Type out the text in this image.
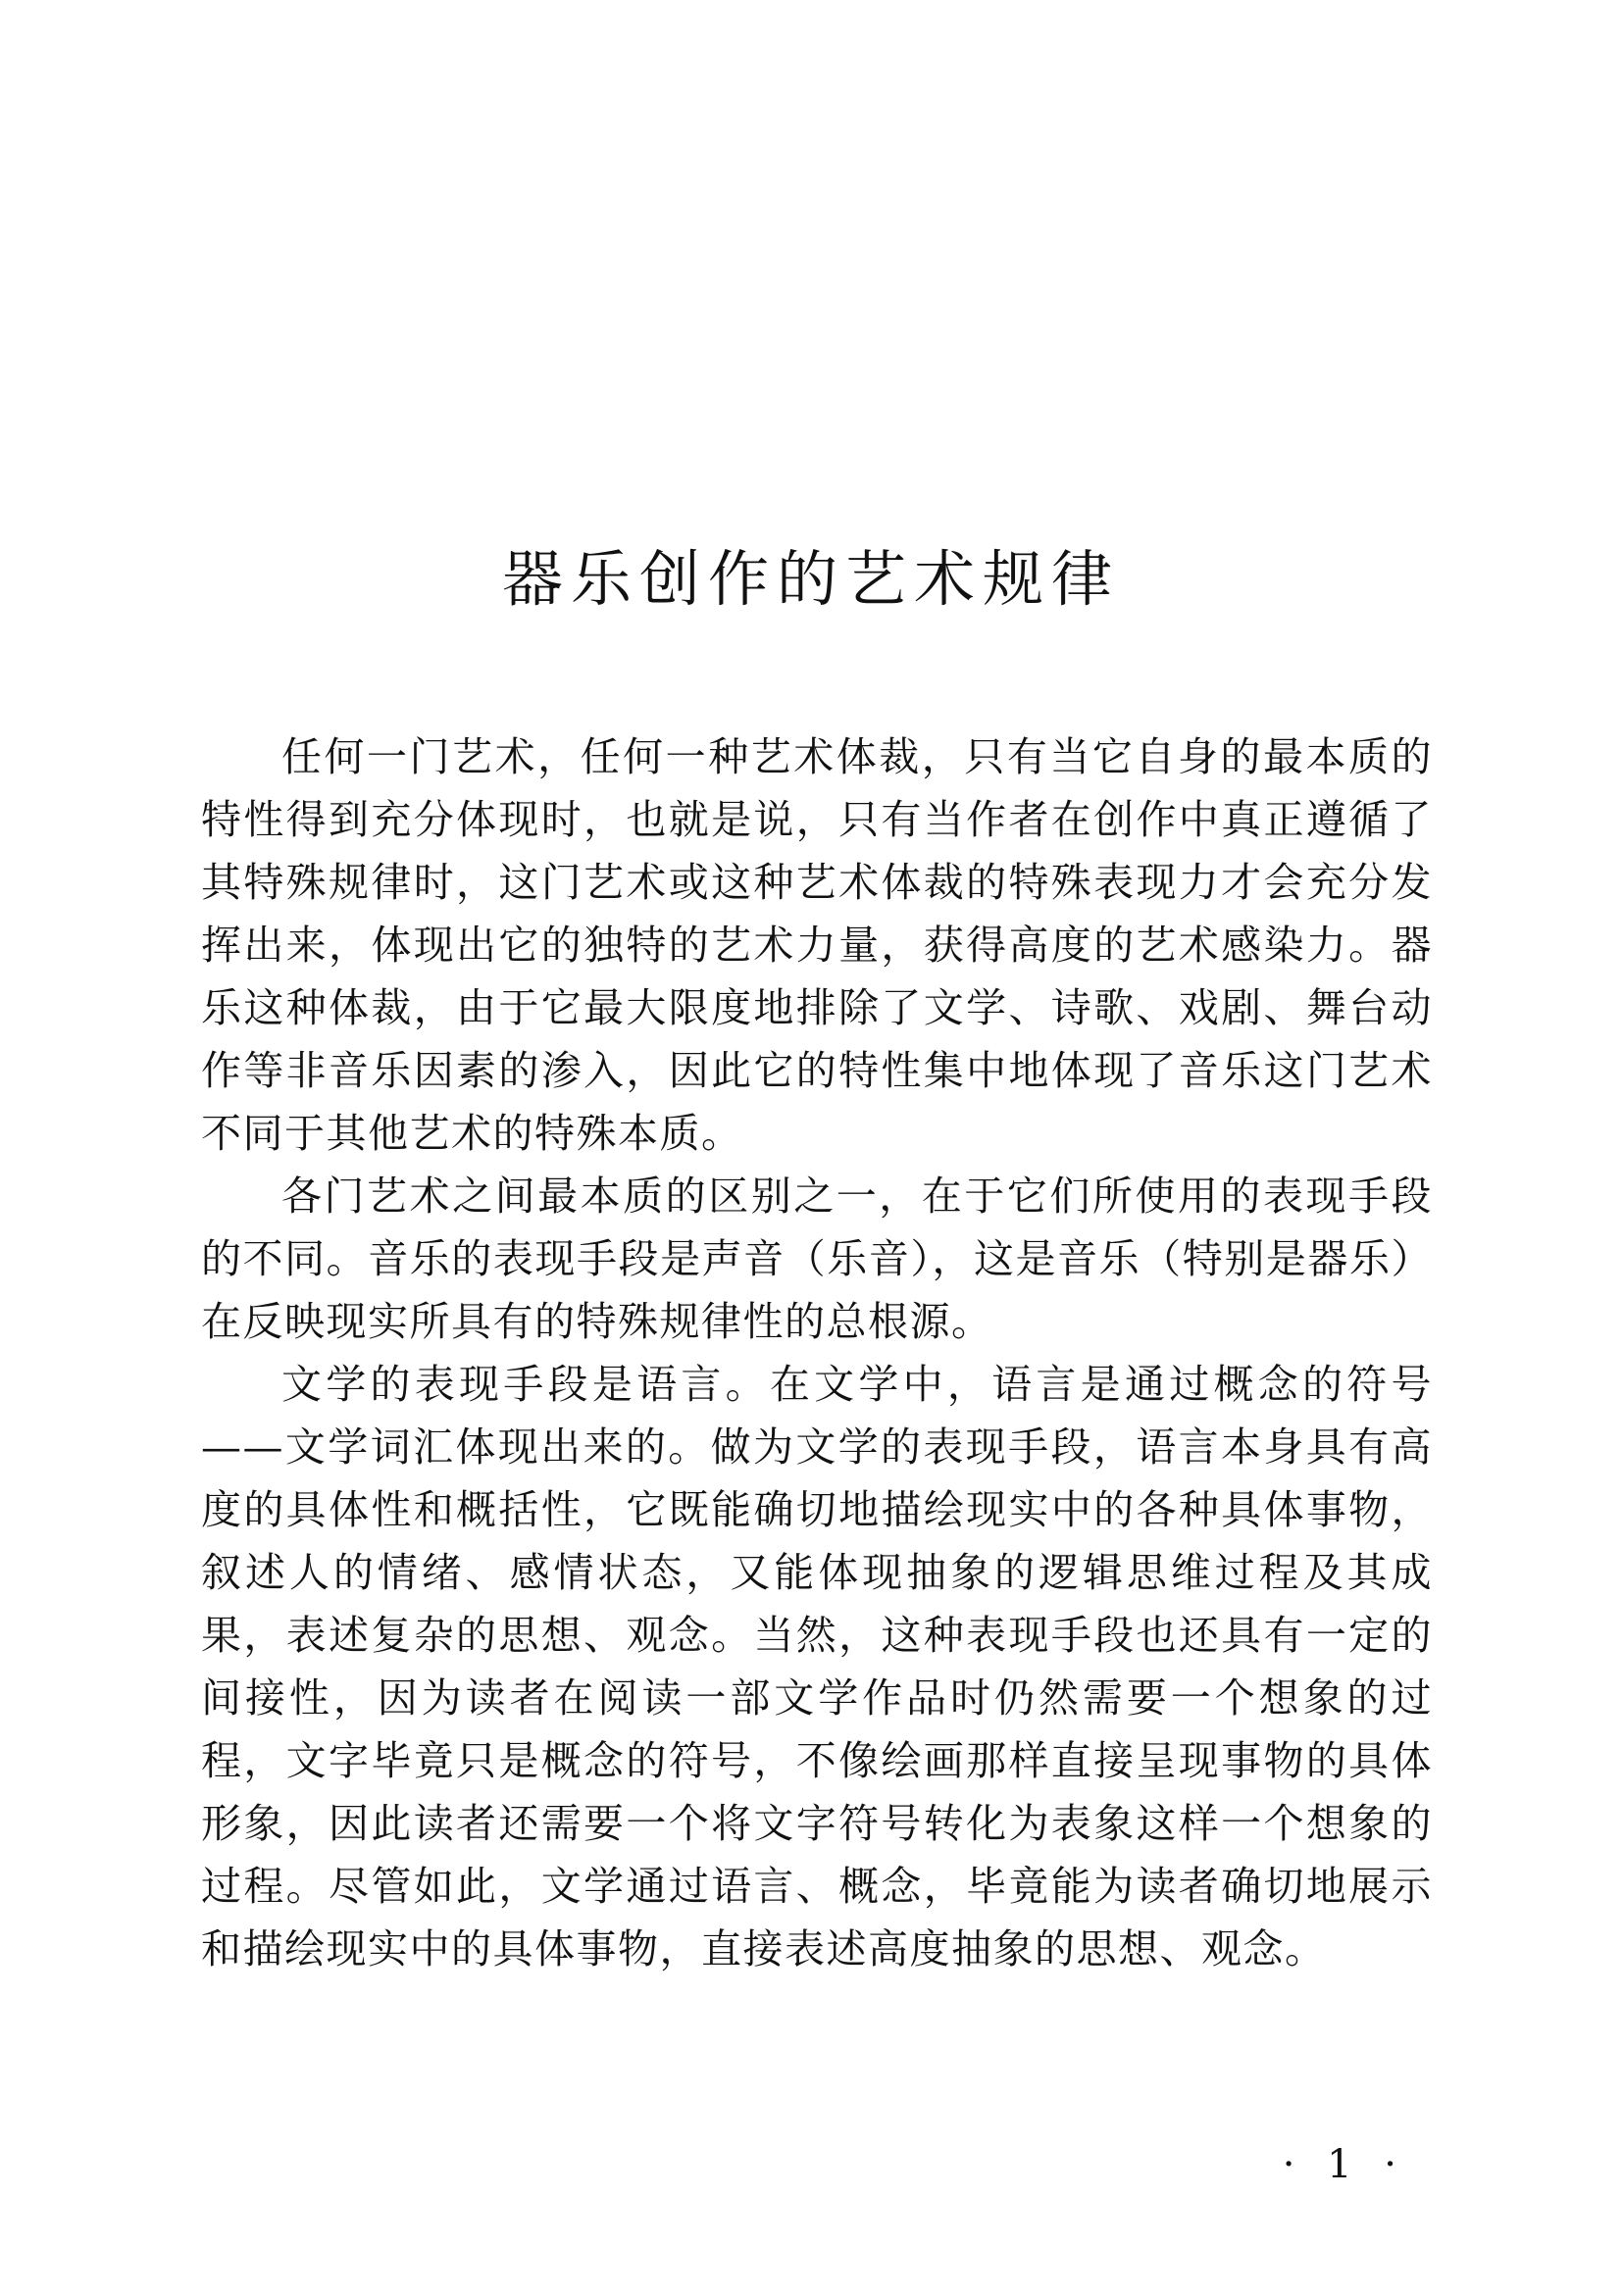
器乐创作的艺术规律

任何一门艺术，任何一种艺术体裁，只有当它自身的最本质的特性得到充分体现时，也就是说，只有当作者在创作中真正遵循了其特殊规律时，这门艺术或这种艺术体裁的特殊表现力才会充分发挥出来，体现出它的独特的艺术力量，获得高度的艺术感染力。器乐这种体裁，由于它最大限度地排除了文学、诗歌、戏剧、舞台动作等非音乐因素的渗入，因此它的特性集中地体现了音乐这门艺术不同于其他艺术的特殊本质。

各门艺术之间最本质的区别之一，在于它们所使用的表现手段的不同。音乐的表现手段是声音（乐音），这是音乐（特别是器乐）在反映现实所具有的特殊规律性的总根源。

文学的表现手段是语言。在文学中，语言是通过概念的符号——文学词汇体现出来的。做为文学的表现手段，语言本身具有高度的具体性和概括性，它既能确切地描绘现实中的各种具体事物，叙述人的情绪、感情状态，又能体现抽象的逻辑思维过程及其成果，表述复杂的思想、观念。当然，这种表现手段也还具有一定的间接性，因为读者在阅读一部文学作品时仍然需要一个想象的过程，文字毕竟只是概念的符号，不像绘画那样直接呈现事物的具体形象，因此读者还需要一个将文字符号转化为表象这样一个想象的过程。尽管如此，文学通过语言、概念，毕竟能为读者确切地展示和描绘现实中的具体事物，直接表述高度抽象的思想、观念。

· 1 ·
